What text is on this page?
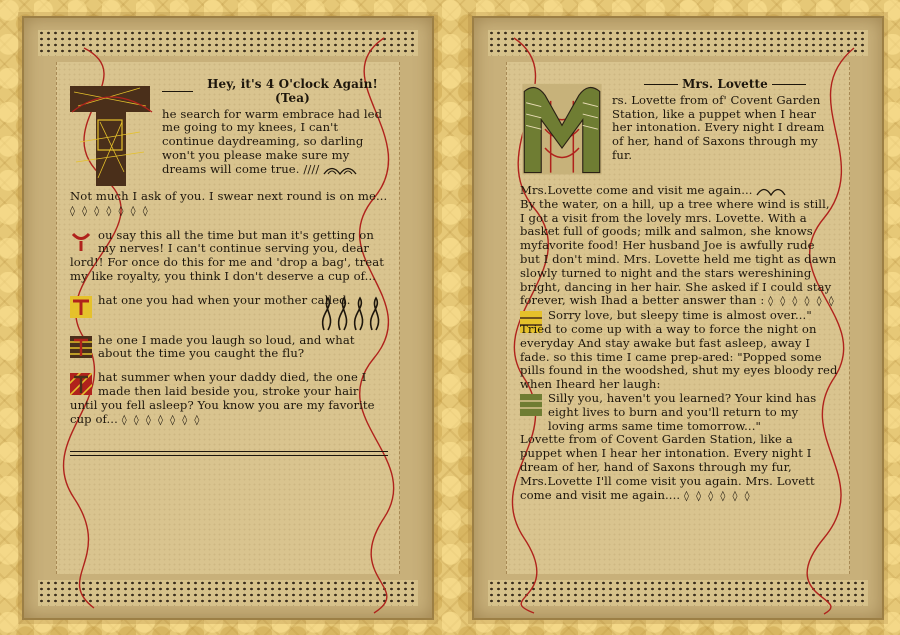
Hey, it's 4 O'clock Again! (Tea)

he search for warm embrace had led me going to my knees, I can't continue daydreaming, so darling won't you please make sure my dreams will come true. ////

Not much I ask of you. I swear next round is on me... ◊ ◊ ◊ ◊ ◊ ◊ ◊

ou say this all the time but man it's getting on my nerves! I can't continue serving you, dear lord!! For once do this for me and 'drop a bag', treat my like royalty, you think I don't deserve a cup of...

hat one you had when your mother called.

he one I made you laugh so loud, and what about the time you caught the flu?

hat summer when your daddy died, the one I made then laid beside you, stroke your hair until you fell asleep? You know you are my favorite cup of... ◊ ◊ ◊ ◊ ◊ ◊ ◊

Mrs. Lovette

rs. Lovette from of' Covent Garden Station, like a puppet when I hear her intonation. Every night I dream of her, hand of Saxons through my fur.

Mrs.Lovette come and visit me again...

By the water, on a hill, up a tree where wind is still, I got a visit from the lovely mrs. Lovette. With a basket full of goods; milk and salmon, she knows myfavorite food! Her husband Joe is awfully rude but I don't mind. Mrs. Lovette held me tight as dawn slowly turned to night and the stars wereshining bright, dancing in her hair. She asked if I could stay forever, wish Ihad a better answer than : ◊ ◊ ◊ ◊ ◊ ◊

Sorry love, but sleepy time is almost over..."

Tried to come up with a way to force the night on everyday And stay awake but fast asleep, away I fade. so this time I came prep-ared: "Popped some pills found in the woodshed, shut my eyes bloody red when Iheard her laugh:

Silly you, haven't you learned? Your kind has eight lives to burn and you'll return to my loving arms same time tomorrow..."

Lovette from of Covent Garden Station, like a puppet when I hear her intonation. Every night I dream of her, hand of Saxons through my fur, Mrs.Lovette I'll come visit you again. Mrs. Lovett come and visit me again.... ◊ ◊ ◊ ◊ ◊ ◊
